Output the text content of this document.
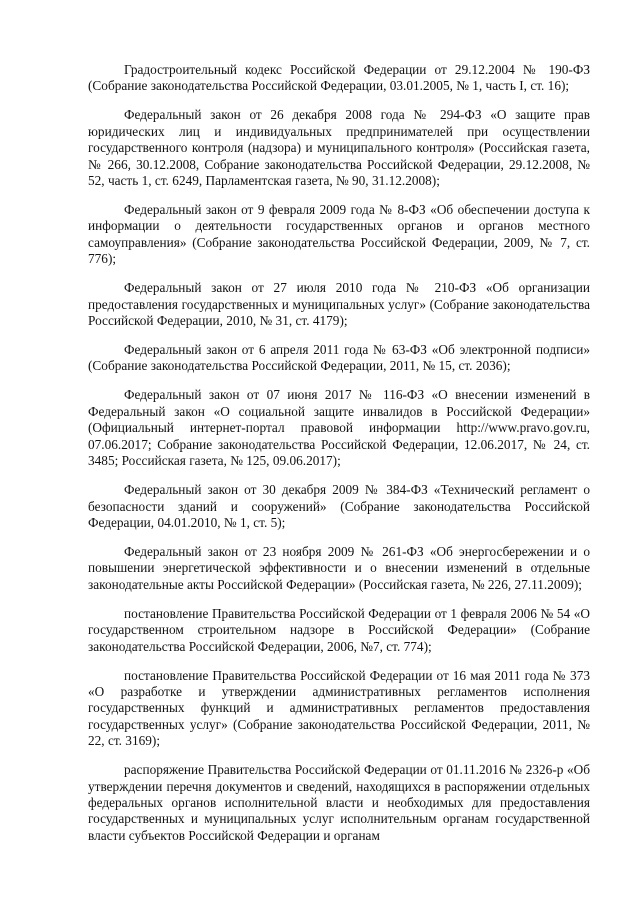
Градостроительный кодекс Российской Федерации от 29.12.2004 № 190-ФЗ (Собрание законодательства Российской Федерации, 03.01.2005, № 1, часть I, ст. 16);

Федеральный закон от 26 декабря 2008 года № 294-ФЗ «О защите прав юридических лиц и индивидуальных предпринимателей при осуществлении государственного контроля (надзора) и муниципального контроля» (Российская газета, № 266, 30.12.2008, Собрание законодательства Российской Федерации, 29.12.2008, № 52, часть 1, ст. 6249, Парламентская газета, № 90, 31.12.2008);

Федеральный закон от 9 февраля 2009 года № 8-ФЗ «Об обеспечении доступа к информации о деятельности государственных органов и органов местного самоуправления» (Собрание законодательства Российской Федерации, 2009, № 7, ст. 776);

Федеральный закон от 27 июля 2010 года № 210-ФЗ «Об организации предоставления государственных и муниципальных услуг» (Собрание законодательства Российской Федерации, 2010, № 31, ст. 4179);

Федеральный закон от 6 апреля 2011 года № 63-ФЗ «Об электронной подписи» (Собрание законодательства Российской Федерации, 2011, № 15, ст. 2036);

Федеральный закон от 07 июня 2017 № 116-ФЗ «О внесении изменений в Федеральный закон «О социальной защите инвалидов в Российской Федерации» (Официальный интернет-портал правовой информации http://www.pravo.gov.ru, 07.06.2017; Собрание законодательства Российской Федерации, 12.06.2017, № 24, ст. 3485; Российская газета, № 125, 09.06.2017);

Федеральный закон от 30 декабря 2009 № 384-ФЗ «Технический регламент о безопасности зданий и сооружений» (Собрание законодательства Российской Федерации, 04.01.2010, № 1, ст. 5);

Федеральный закон от 23 ноября 2009 № 261-ФЗ «Об энергосбережении и о повышении энергетической эффективности и о внесении изменений в отдельные законодательные акты Российской Федерации» (Российская газета, № 226, 27.11.2009);

постановление Правительства Российской Федерации от 1 февраля 2006 № 54 «О государственном строительном надзоре в Российской Федерации» (Собрание законодательства Российской Федерации, 2006, №7, ст. 774);

постановление Правительства Российской Федерации от 16 мая 2011 года № 373 «О разработке и утверждении административных регламентов исполнения государственных функций и административных регламентов предоставления государственных услуг» (Собрание законодательства Российской Федерации, 2011, № 22, ст. 3169);

распоряжение Правительства Российской Федерации от 01.11.2016 № 2326-р «Об утверждении перечня документов и сведений, находящихся в распоряжении отдельных федеральных органов исполнительной власти и необходимых для предоставления государственных и муниципальных услуг исполнительным органам государственной власти субъектов Российской Федерации и органам
